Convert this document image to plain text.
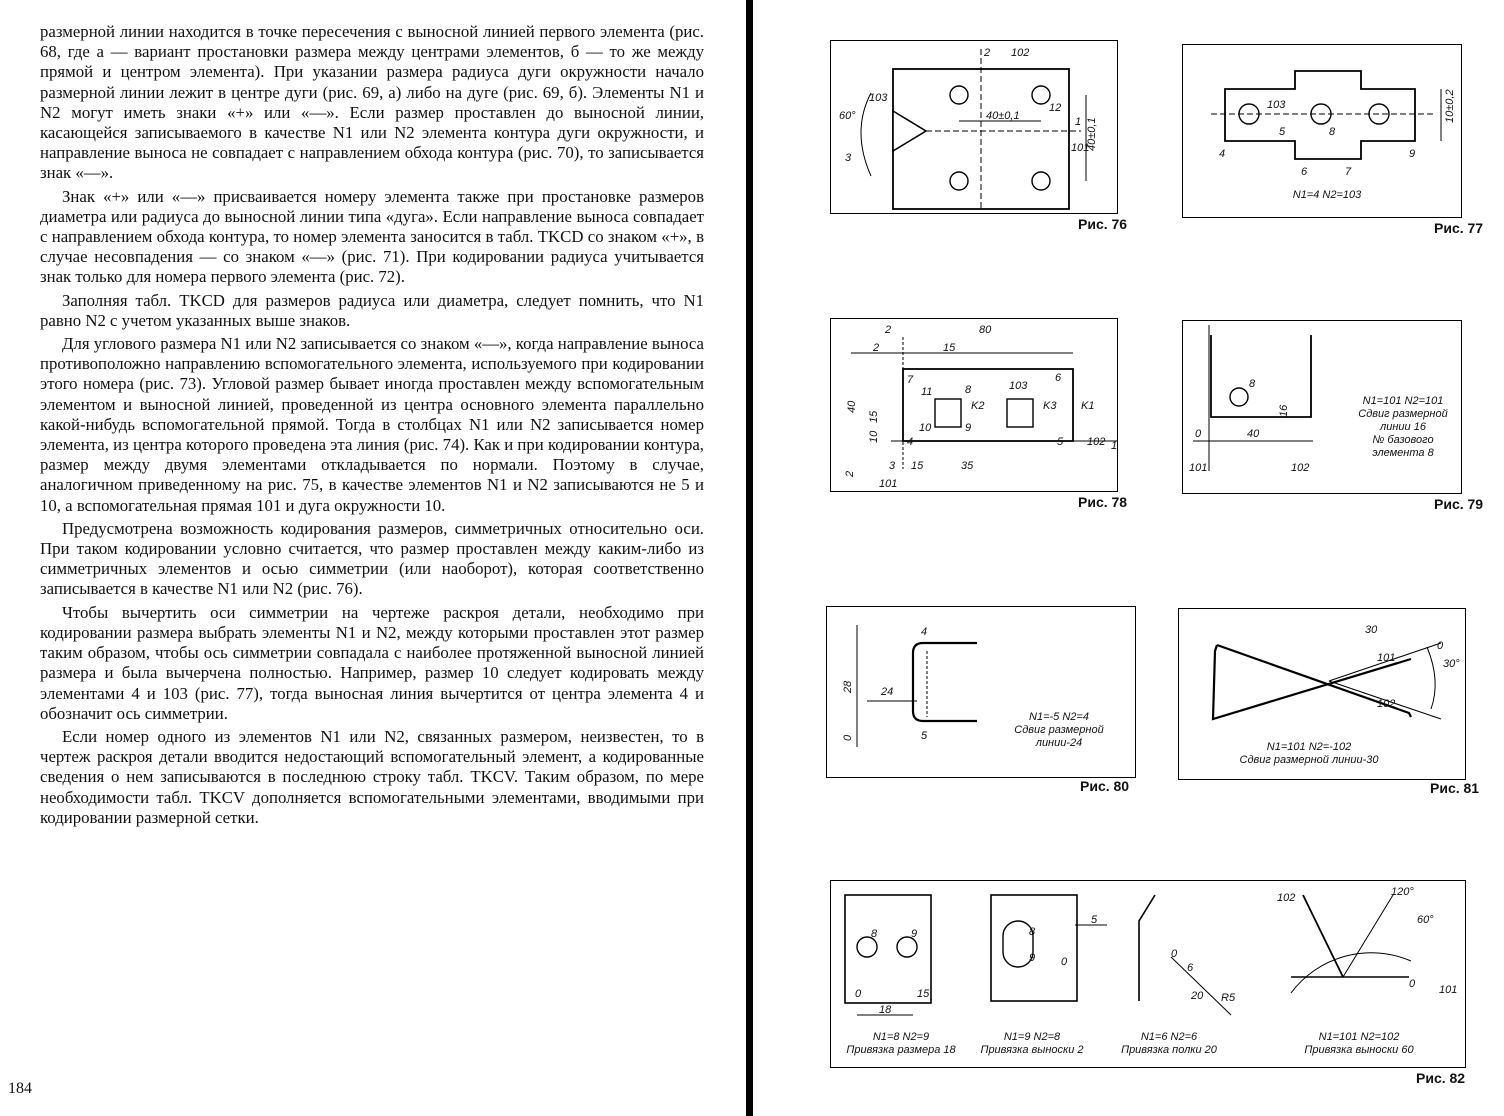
размерной линии находится в точке пересечения с выносной линией первого элемента (рис. 68, где а — вариант простановки размера между центрами элементов, б — то же между прямой и центром элемента). При указании размера радиуса дуги окружности начало размерной линии лежит в центре дуги (рис. 69, а) либо на дуге (рис. 69, б). Элементы N1 и N2 могут иметь знаки «+» или «—». Если размер проставлен до выносной линии, касающейся записываемого в качестве N1 или N2 элемента контура дуги окружности, и направление выноса не совпадает с направлением обхода контура (рис. 70), то записывается знак «—».

Знак «+» или «—» присваивается номеру элемента также при простановке размеров диаметра или радиуса до выносной линии типа «дуга». Если направление выноса совпадает с направлением обхода контура, то номер элемента заносится в табл. TKCD со знаком «+», в случае несовпадения — со знаком «—» (рис. 71). При кодировании радиуса учитывается знак только для номера первого элемента (рис. 72).

Заполняя табл. TKCD для размеров радиуса или диаметра, следует помнить, что N1 равно N2 с учетом указанных выше знаков.

Для углового размера N1 или N2 записывается со знаком «—», когда направление выноса противоположно направлению вспомогательного элемента, используемого при кодировании этого номера (рис. 73). Угловой размер бывает иногда проставлен между вспомогательным элементом и выносной линией, проведенной из центра основного элемента параллельно какой-нибудь вспомогательной прямой. Тогда в столбцах N1 или N2 записывается номер элемента, из центра которого проведена эта линия (рис. 74). Как и при кодировании контура, размер между двумя элементами откладывается по нормали. Поэтому в случае, аналогичном приведенному на рис. 75, в качестве элементов N1 и N2 записываются не 5 и 10, а вспомогательная прямая 101 и дуга окружности 10.

Предусмотрена возможность кодирования размеров, симметричных относительно оси. При таком кодировании условно считается, что размер проставлен между каким-либо из симметричных элементов и осью симметрии (или наоборот), которая соответственно записывается в качестве N1 или N2 (рис. 76).

Чтобы вычертить оси симметрии на чертеже раскроя детали, необходимо при кодировании размера выбрать элементы N1 и N2, между которыми проставлен этот размер таким образом, чтобы ось симметрии совпадала с наиболее протяженной выносной линией размера и была вычерчена полностью. Например, размер 10 следует кодировать между элементами 4 и 103 (рис. 77), тогда выносная линия вычертится от центра элемента 4 и обозначит ось симметрии.

Если номер одного из элементов N1 или N2, связанных размером, неизвестен, то в чертеж раскроя детали вводится недостающий вспомогательный элемент, а кодированные сведения о нем записываются в последнюю строку табл. TKCV. Таким образом, по мере необходимости табл. TKCV дополняется вспомогательными элементами, вводимыми при кодировании размерной сетки.

184
102
103
60°	40±0,1
12
101
40±0,1
1
2
3
Рис. 76
103	10±0,2
5	8
4	9
6	7
N1=4 N2=103
Рис. 77
2	80
2	15
7
11	8	103
6
K2	K3 K1
40
15
10
9
10
4	5 102 1
2
3 15	35
101
Рис. 78
8
16
0	40
101	102
N1=101 N2=101
Сдвиг размерной
линии 16
№ базового
элемента 8
Рис. 79
4
28 24
0	5
N1=-5 N2=4
Сдвиг размерной
линии-24
Рис. 80
30
0
101	30°
102
N1=101 N2=-102
Сдвиг размерной линии-30
Рис. 81
8	9
0	15
18
8
5
9 0
0
6
20 R5
102	120°
60°
0 101
N1=8 N2=9
Привязка размера 18
N1=9 N2=8
Привязка выноски 2
N1=6 N2=6
Привязка полки 20
N1=101 N2=102
Привязка выноски 60
Рис. 82
